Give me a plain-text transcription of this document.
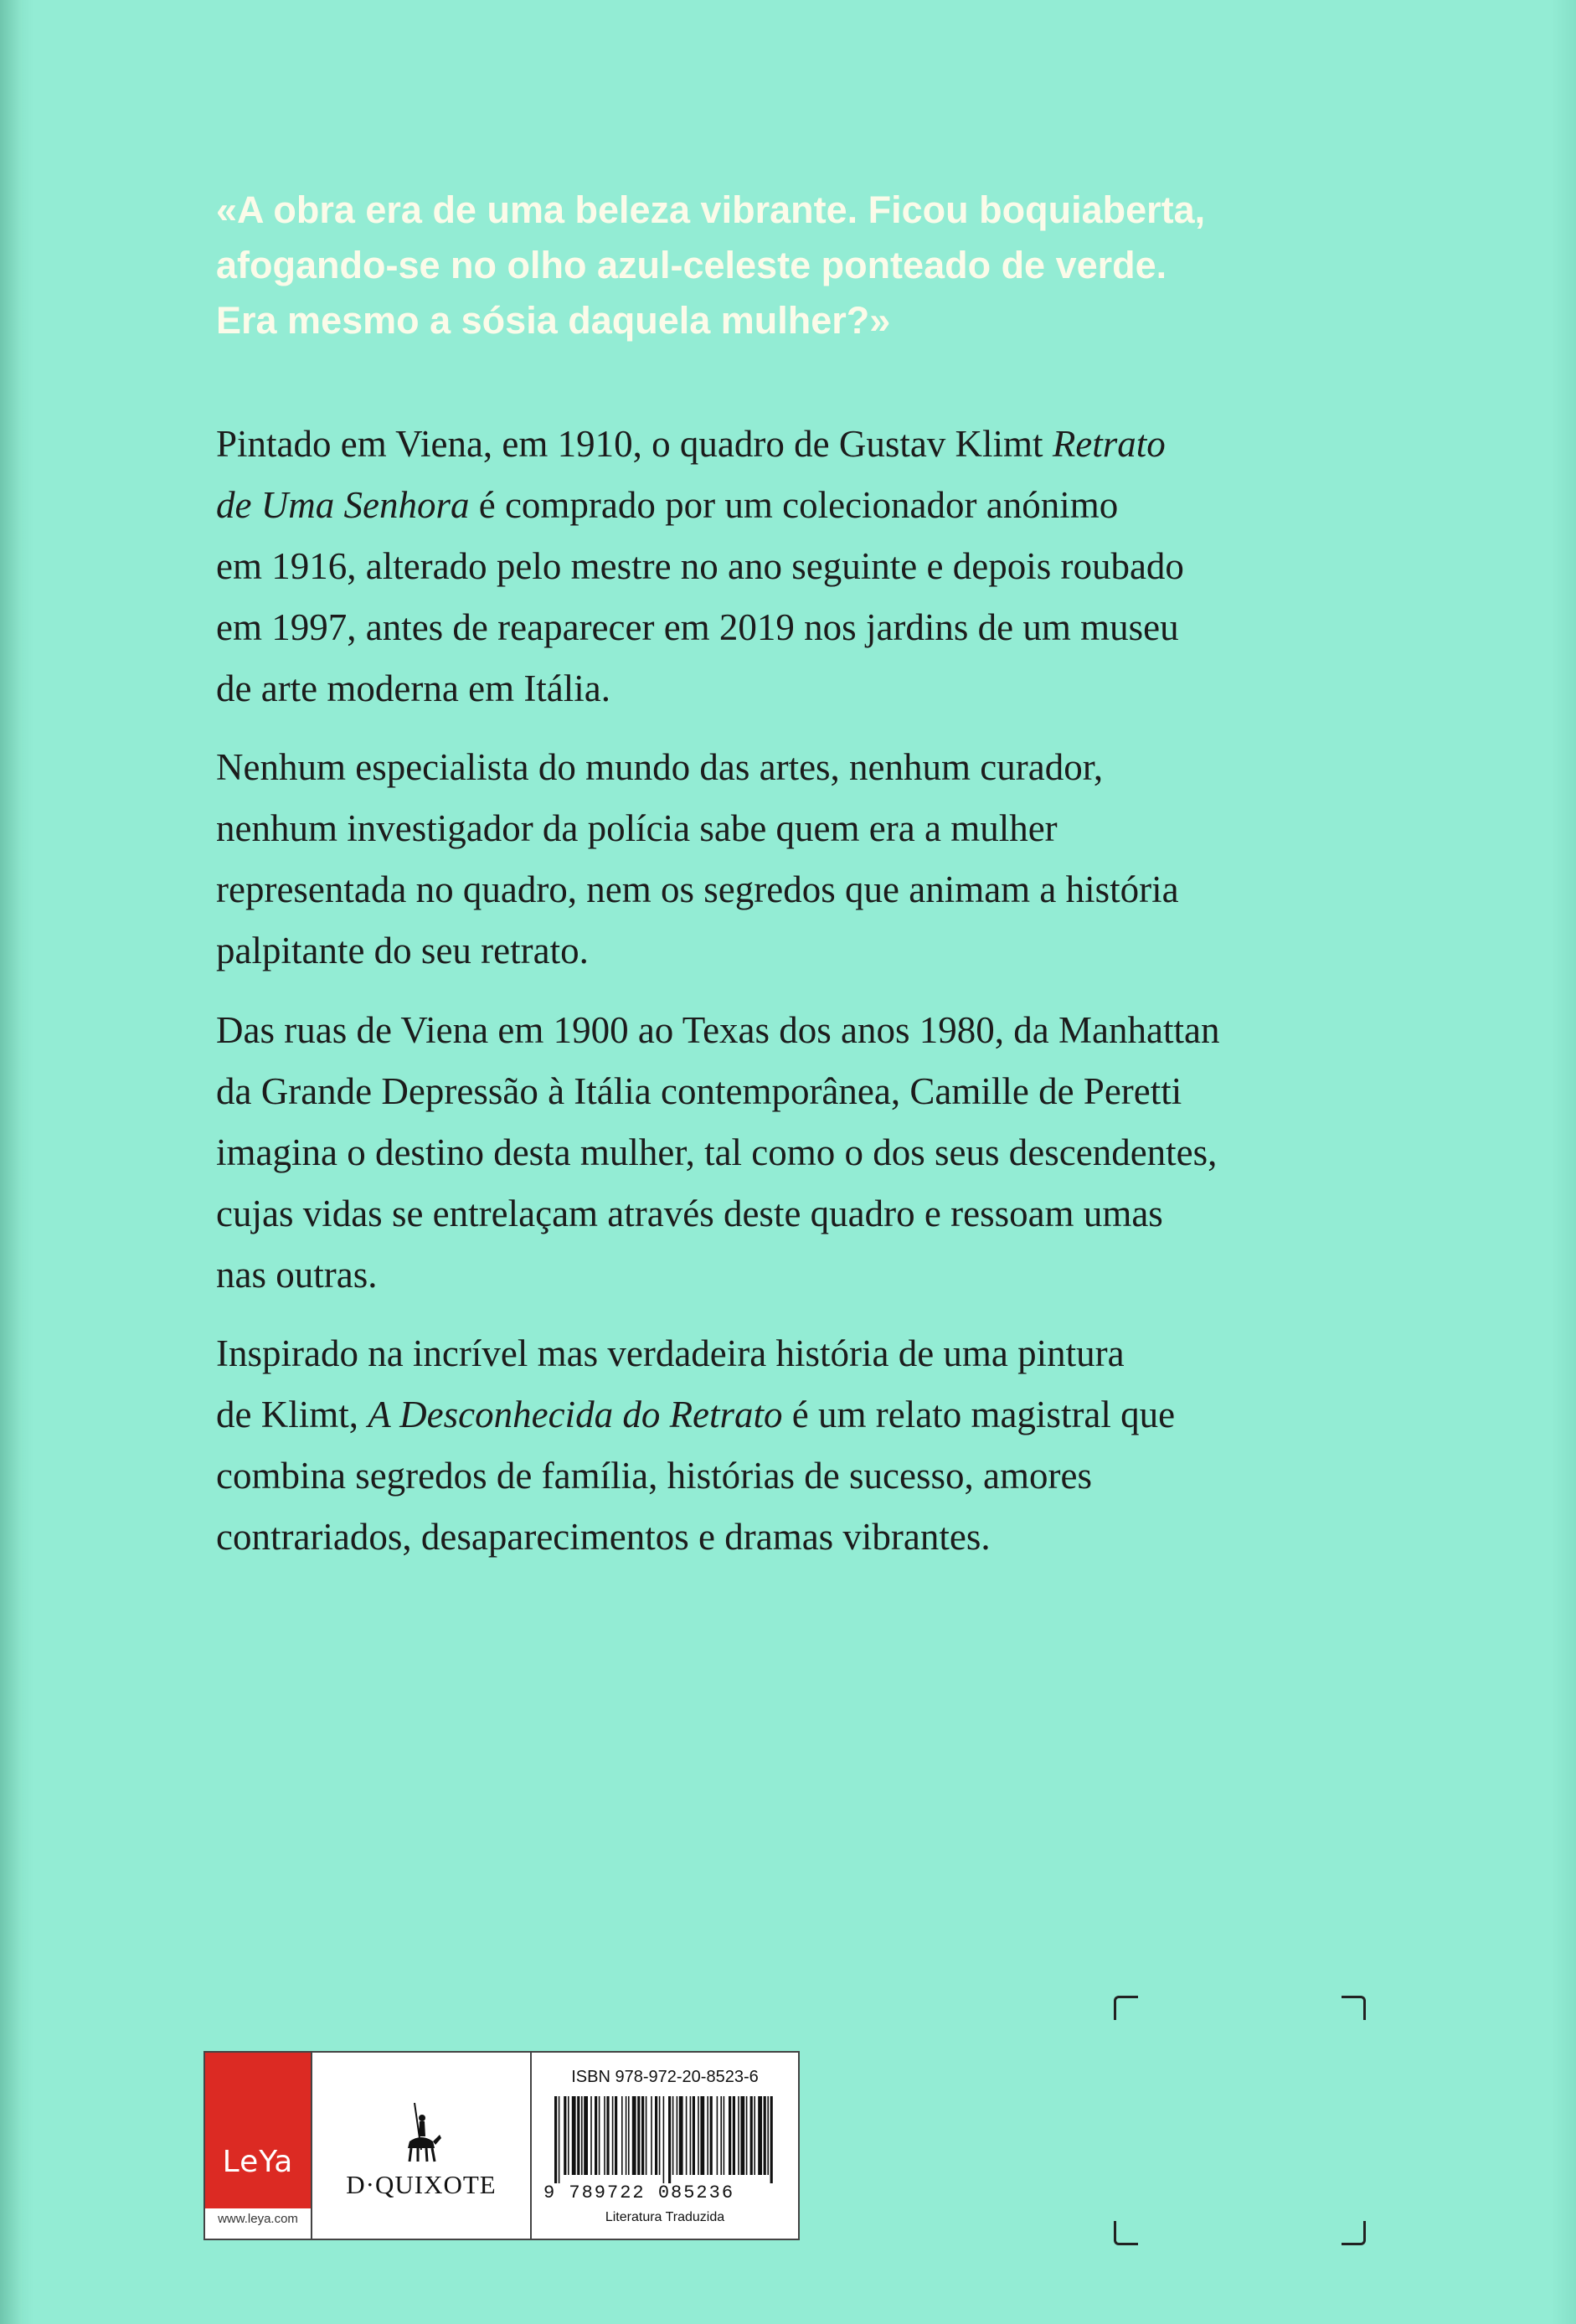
«A obra era de uma beleza vibrante. Ficou boquiaberta,
afogando-se no olho azul-celeste ponteado de verde.
Era mesmo a sósia daquela mulher?»
Pintado em Viena, em 1910, o quadro de Gustav Klimt Retrato
de Uma Senhora é comprado por um colecionador anónimo
em 1916, alterado pelo mestre no ano seguinte e depois roubado
em 1997, antes de reaparecer em 2019 nos jardins de um museu
de arte moderna em Itália.
Nenhum especialista do mundo das artes, nenhum curador,
nenhum investigador da polícia sabe quem era a mulher
representada no quadro, nem os segredos que animam a história
palpitante do seu retrato.
Das ruas de Viena em 1900 ao Texas dos anos 1980, da Manhattan
da Grande Depressão à Itália contemporânea, Camille de Peretti
imagina o destino desta mulher, tal como o dos seus descendentes,
cujas vidas se entrelaçam através deste quadro e ressoam umas
nas outras.
Inspirado na incrível mas verdadeira história de uma pintura
de Klimt, A Desconhecida do Retrato é um relato magistral que
combina segredos de família, histórias de sucesso, amores
contrariados, desaparecimentos e dramas vibrantes.
LeYa
www.leya.com
D·QUIXOTE
ISBN 978-972-20-8523-6
9 789722 085236
Literatura Traduzida
